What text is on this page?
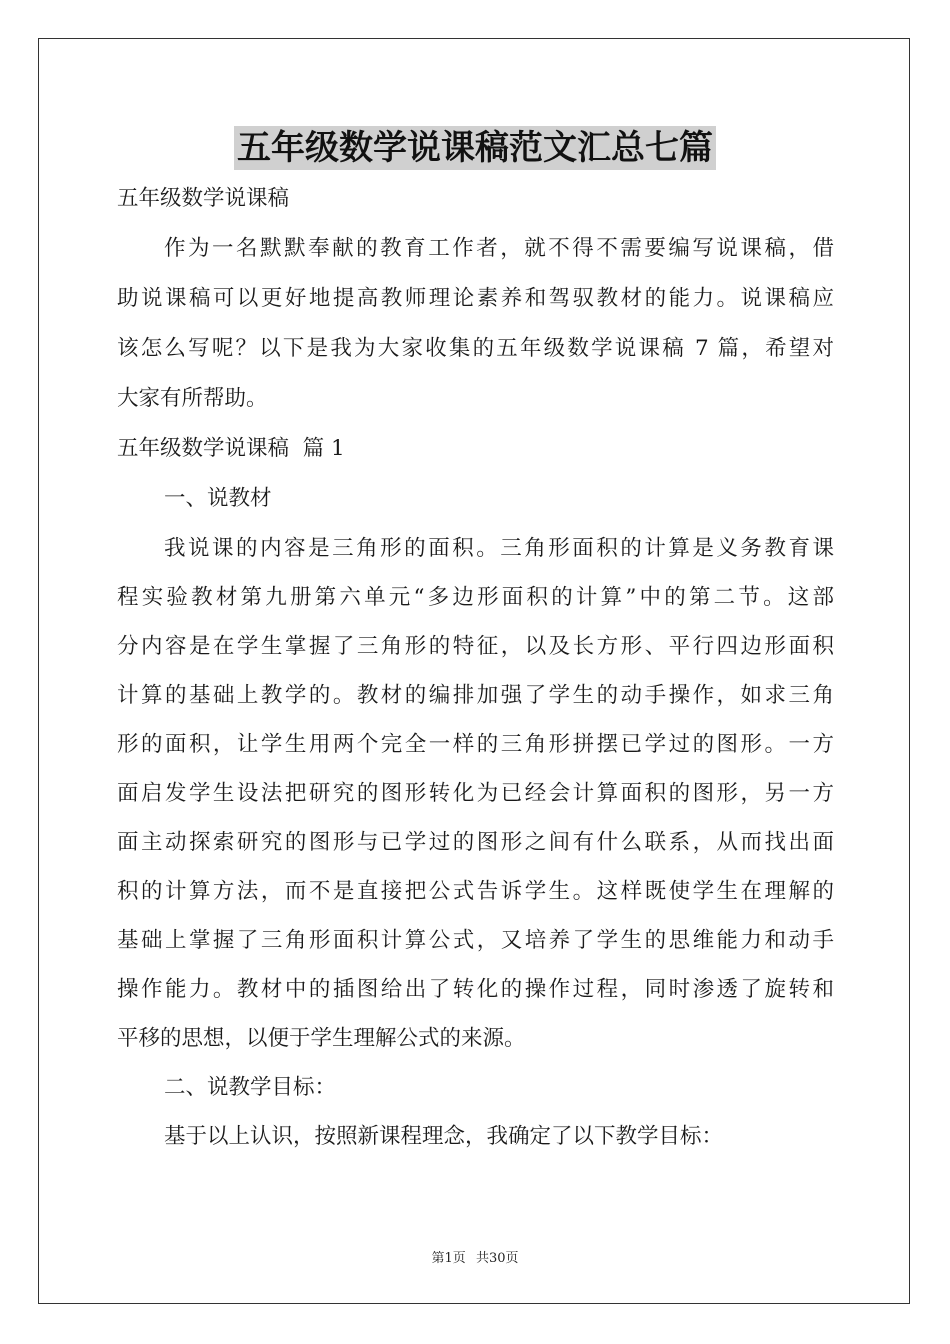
五年级数学说课稿范文汇总七篇
五年级数学说课稿
作为一名默默奉献的教育工作者，就不得不需要编写说课稿，借
助说课稿可以更好地提高教师理论素养和驾驭教材的能力。说课稿应
该怎么写呢？以下是我为大家收集的五年级数学说课稿 7 篇，希望对
大家有所帮助。
五年级数学说课稿  篇 1
一、说教材
我说课的内容是三角形的面积。三角形面积的计算是义务教育课
程实验教材第九册第六单元“多边形面积的计算”中的第二节。这部
分内容是在学生掌握了三角形的特征，以及长方形、平行四边形面积
计算的基础上教学的。教材的编排加强了学生的动手操作，如求三角
形的面积，让学生用两个完全一样的三角形拼摆已学过的图形。一方
面启发学生设法把研究的图形转化为已经会计算面积的图形，另一方
面主动探索研究的图形与已学过的图形之间有什么联系，从而找出面
积的计算方法，而不是直接把公式告诉学生。这样既使学生在理解的
基础上掌握了三角形面积计算公式，又培养了学生的思维能力和动手
操作能力。教材中的插图给出了转化的操作过程，同时渗透了旋转和
平移的思想，以便于学生理解公式的来源。
二、说教学目标：
基于以上认识，按照新课程理念，我确定了以下教学目标：
第1页 共30页
